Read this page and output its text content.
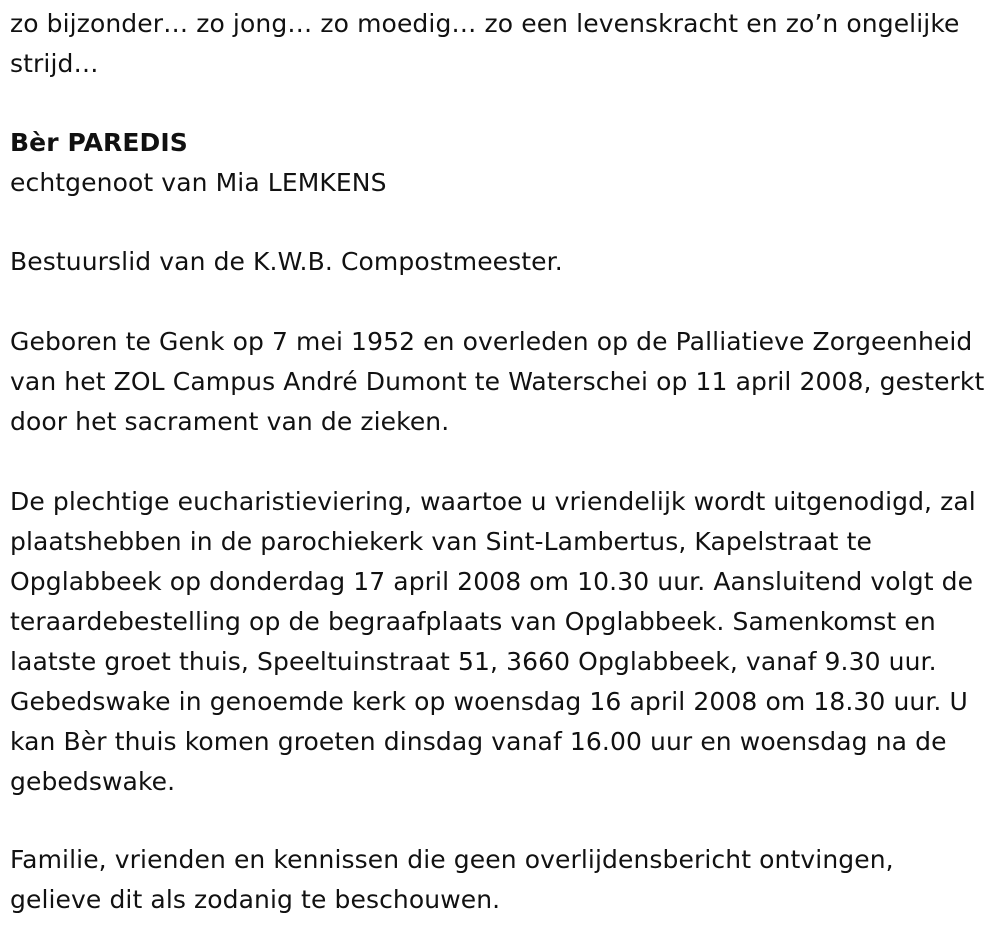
zo bijzonder… zo jong… zo moedig… zo een levenskracht en zo’n ongelijke strijd…

Bèr PAREDIS

echtgenoot van Mia LEMKENS

Bestuurslid van de K.W.B. Compostmeester.

Geboren te Genk op 7 mei 1952 en overleden op de Palliatieve Zorgeenheid van het ZOL Campus André Dumont te Waterschei op 11 april 2008, gesterkt door het sacrament van de zieken.

De plechtige eucharistieviering, waartoe u vriendelijk wordt uitgenodigd, zal plaatshebben in de parochiekerk van Sint-Lambertus, Kapelstraat te Opglabbeek op donderdag 17 april 2008 om 10.30 uur. Aansluitend volgt de teraardebestelling op de begraafplaats van Opglabbeek. Samenkomst en laatste groet thuis, Speeltuinstraat 51, 3660 Opglabbeek, vanaf 9.30 uur. Gebedswake in genoemde kerk op woensdag 16 april 2008 om 18.30 uur. U kan Bèr thuis komen groeten dinsdag vanaf 16.00 uur en woensdag na de gebedswake.

Familie, vrienden en kennissen die geen overlijdensbericht ontvingen, gelieve dit als zodanig te beschouwen.
